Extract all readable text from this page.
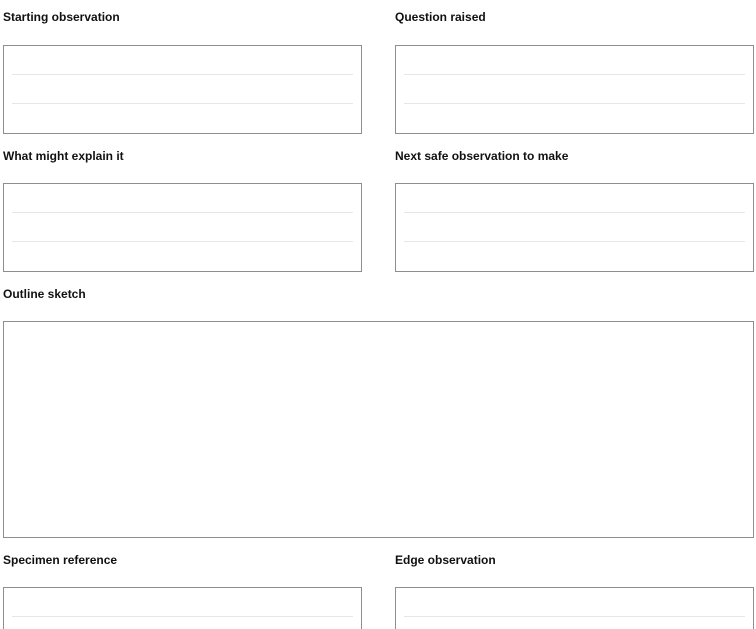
Starting observation	Question raised
What might explain it	Next safe observation to make
Outline sketch
Specimen reference	Edge observation
